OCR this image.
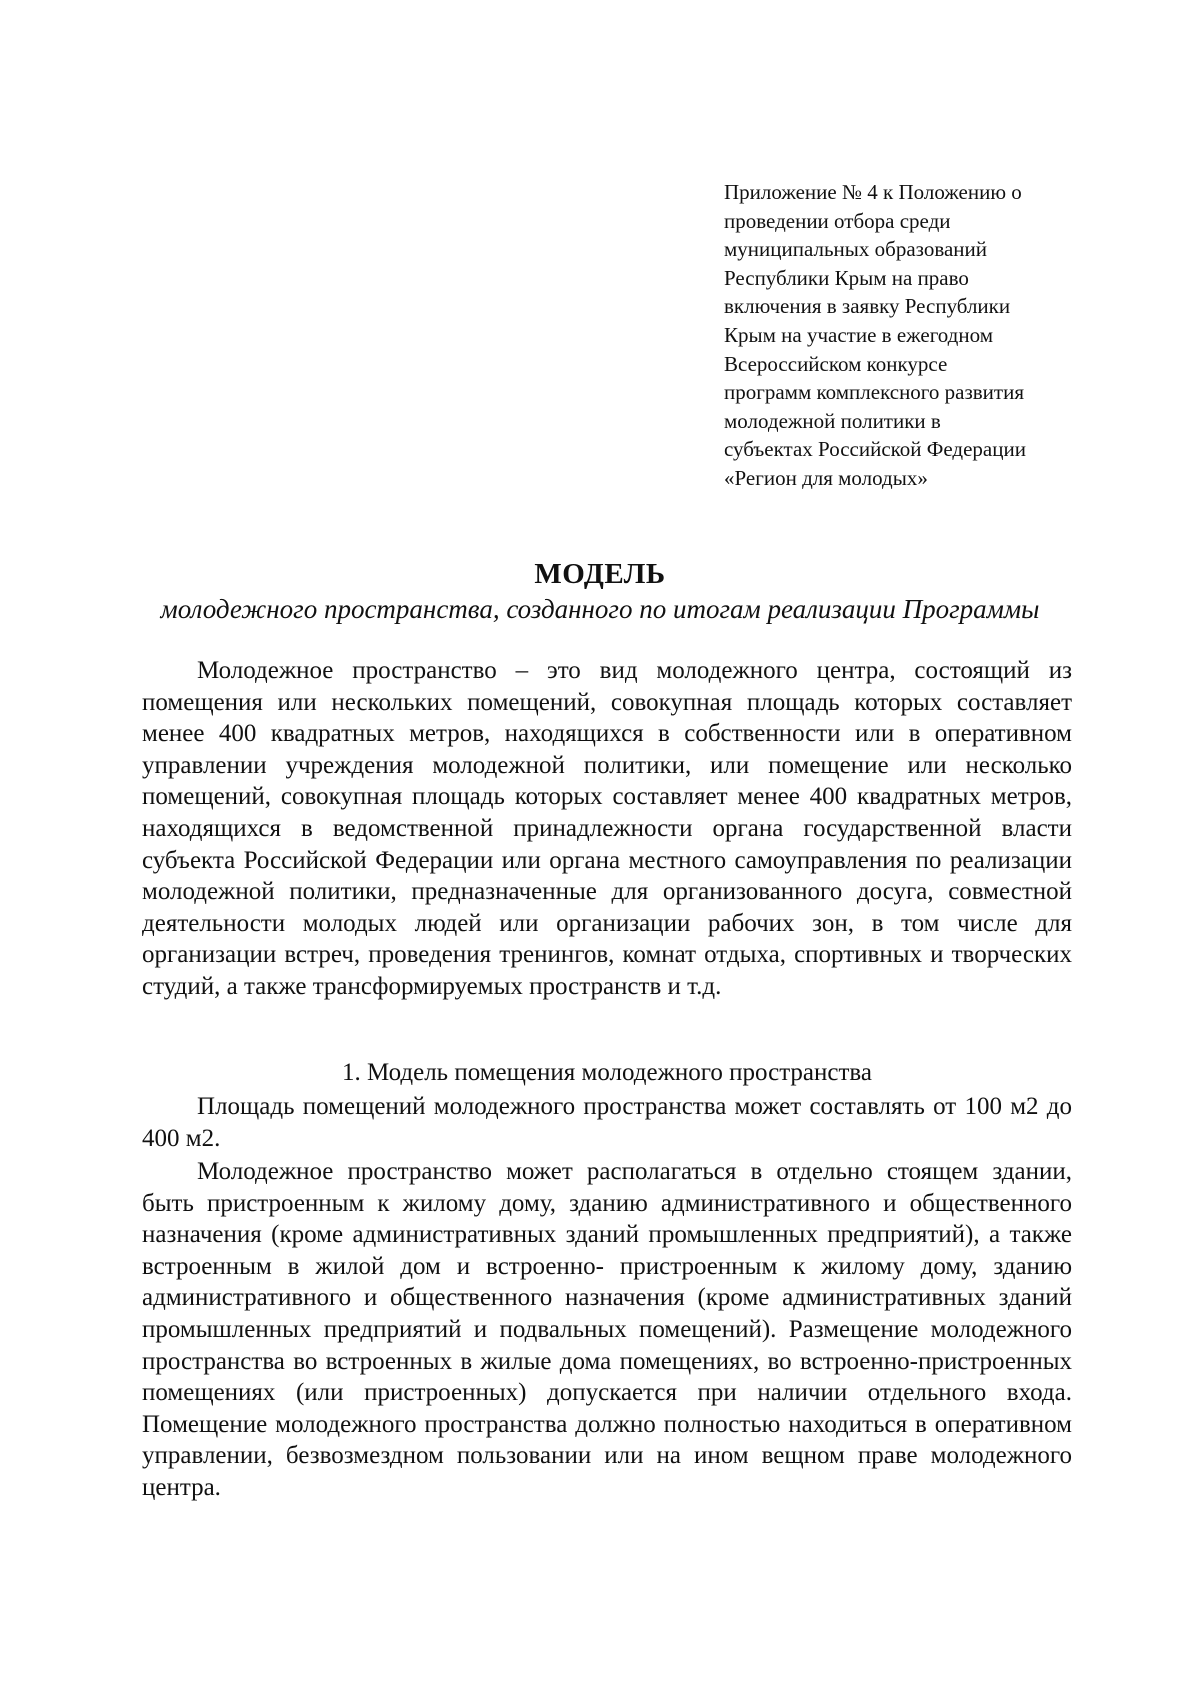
Приложение № 4 к Положению о
проведении отбора среди
муниципальных образований
Республики Крым на право
включения в заявку Республики
Крым на участие в ежегодном
Всероссийском конкурсе
программ комплексного развития
молодежной политики в
субъектах Российской Федерации
«Регион для молодых»
МОДЕЛЬ
молодежного пространства, созданного по итогам реализации Программы

Молодежное пространство – это вид молодежного центра, состоящий из помещения или нескольких помещений, совокупная площадь которых составляет менее 400 квадратных метров, находящихся в собственности или в оперативном управлении учреждения молодежной политики, или помещение или несколько помещений, совокупная площадь которых составляет менее 400 квадратных метров, находящихся в ведомственной принадлежности органа государственной власти субъекта Российской Федерации или органа местного самоуправления по реализации молодежной политики, предназначенные для организованного досуга, совместной деятельности молодых людей или организации рабочих зон, в том числе для организации встреч, проведения тренингов, комнат отдыха, спортивных и творческих студий, а также трансформируемых пространств и т.д.

1. Модель помещения молодежного пространства

Площадь помещений молодежного пространства может составлять от 100 м2 до 400 м2.

Молодежное пространство может располагаться в отдельно стоящем здании, быть пристроенным к жилому дому, зданию административного и общественного назначения (кроме административных зданий промышленных предприятий), а также встроенным в жилой дом и встроенно- пристроенным к жилому дому, зданию административного и общественного назначения (кроме административных зданий промышленных предприятий и подвальных помещений). Размещение молодежного пространства во встроенных в жилые дома помещениях, во встроенно-пристроенных помещениях (или пристроенных) допускается при наличии отдельного входа. Помещение молодежного пространства должно полностью находиться в оперативном управлении, безвозмездном пользовании или на ином вещном праве молодежного центра.
